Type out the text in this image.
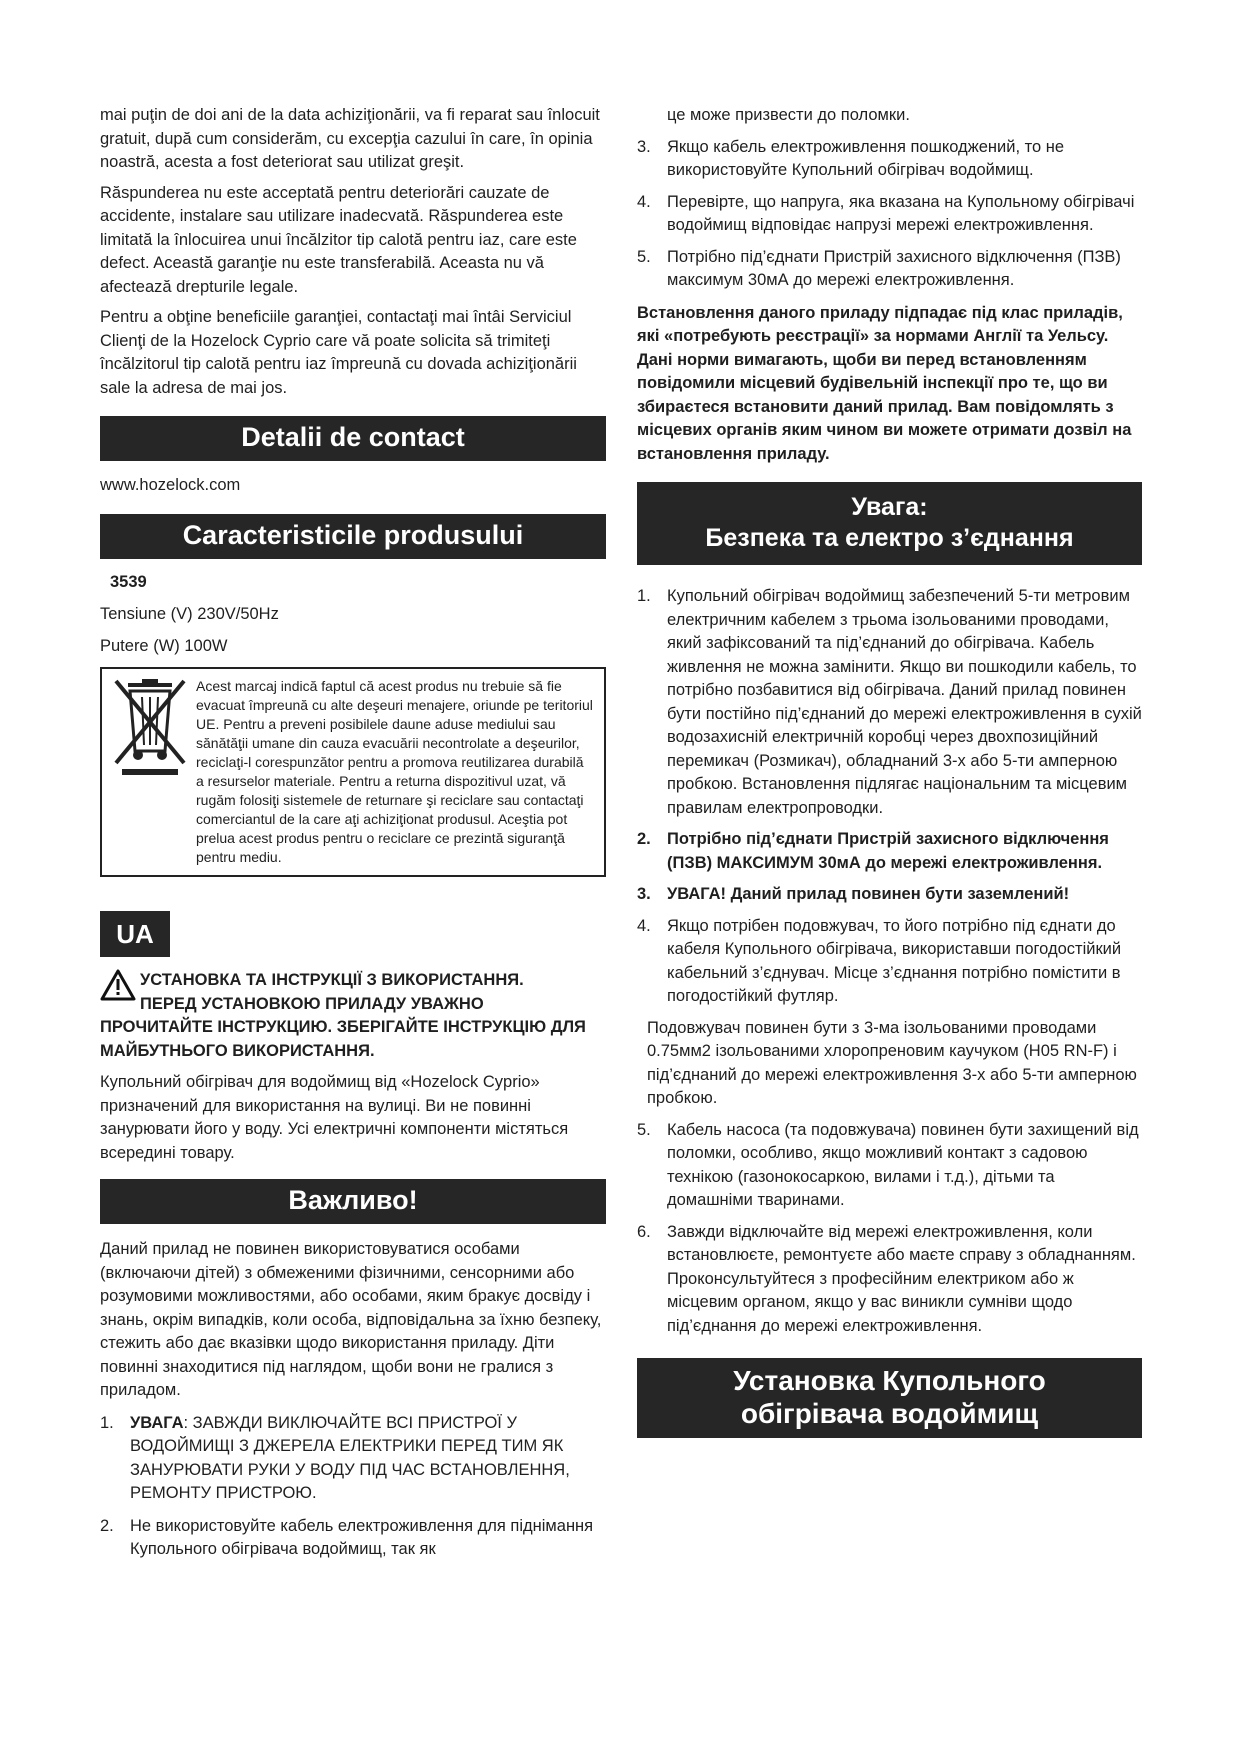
mai puţin de doi ani de la data achiziţionării, va fi reparat sau înlocuit gratuit, după cum considerăm, cu excepţia cazului în care, în opinia noastră, acesta a fost deteriorat sau utilizat greşit.

Răspunderea nu este acceptată pentru deteriorări cauzate de accidente, instalare sau utilizare inadecvată. Răspunderea este limitată la înlocuirea unui încălzitor tip calotă pentru iaz, care este defect. Această garanţie nu este transferabilă. Aceasta nu vă afectează drepturile legale.

Pentru a obţine beneficiile garanţiei, contactaţi mai întâi Serviciul Clienţi de la Hozelock Cyprio care vă poate solicita să trimiteţi încălzitorul tip calotă pentru iaz împreună cu dovada achiziţionării sale la adresa de mai jos.

Detalii de contact

www.hozelock.com

Caracteristicile produsului

3539

Tensiune (V) 230V/50Hz

Putere (W) 100W

Acest marcaj indică faptul că acest produs nu trebuie să fie evacuat împreună cu alte deşeuri menajere, oriunde pe teritoriul UE. Pentru a preveni posibilele daune aduse mediului sau sănătăţii umane din cauza evacuării necontrolate a deşeurilor, reciclaţi-l corespunzător pentru a promova reutilizarea durabilă a resurselor materiale. Pentru a returna dispozitivul uzat, vă rugăm folosiţi sistemele de returnare şi reciclare sau contactaţi comerciantul de la care aţi achiziţionat produsul. Aceştia pot prelua acest produs pentru o reciclare ce prezintă siguranţă pentru mediu.
UA

УСТАНОВКА ТА ІНСТРУКЦІЇ З ВИКОРИСТАННЯ.

ПЕРЕД УСТАНОВКОЮ ПРИЛАДУ УВАЖНО

ПРОЧИТАЙТЕ ІНСТРУКЦИЮ. ЗБЕРІГАЙТЕ ІНСТРУКЦІЮ ДЛЯ МАЙБУТНЬОГО ВИКОРИСТАННЯ.

Купольний обігрівач для водоймищ від «Hozelock Cyprio» призначений для використання на вулиці. Ви не повинні занурювати його у воду. Усі електричні компоненти містяться всередині товару.

Важливо!

Даний прилад не повинен використовуватися особами (включаючи дітей) з обмеженими фізичними, сенсорними або розумовими можливостями, або особами, яким бракує досвіду і знань, окрім випадків, коли особа, відповідальна за їхню безпеку, стежить або дає вказівки щодо використання приладу. Діти повинні знаходитися під наглядом, щоби вони не гралися з приладом.

1. УВАГА: ЗАВЖДИ ВИКЛЮЧАЙТЕ ВСІ ПРИСТРОЇ У ВОДОЙМИЩІ З ДЖЕРЕЛА ЕЛЕКТРИКИ ПЕРЕД ТИМ ЯК ЗАНУРЮВАТИ РУКИ У ВОДУ ПІД ЧАС ВСТАНОВЛЕННЯ, РЕМОНТУ ПРИСТРОЮ.
2. Не використовуйте кабель електроживлення для піднімання Купольного обігрівача водоймищ, так як

це може призвести до поломки.

3. Якщо кабель електроживлення пошкоджений, то не використовуйте Купольний обігрівач водоймищ.
4. Перевірте, що напруга, яка вказана на Купольному обігрівачі водоймищ відповідає напрузі мережі електроживлення.
5. Потрібно під’єднати Пристрій захисного відключення (ПЗВ) максимум 30мА до мережі електроживлення.

Встановлення даного приладу підпадає під клас приладів, які «потребують реєстрації» за нормами Англії та Уельсу. Дані норми вимагають, щоби ви перед встановленням повідомили місцевий будівельній інспекції про те, що ви збираєтеся встановити даний прилад. Вам повідомлять з місцевих органів яким чином ви можете отримати дозвіл на встановлення приладу.

Увага:
Безпека та електро з’єднання
1. Купольний обігрівач водоймищ забезпечений 5-ти метровим електричним кабелем з трьома ізольованими проводами, який зафіксований та під’єднаний до обігрівача. Кабель живлення не можна замінити. Якщо ви пошкодили кабель, то потрібно позбавитися від обігрівача. Даний прилад повинен бути постійно під’єднаний до мережі електроживлення в сухій водозахисній електричній коробці через двохпозиційний перемикач (Розмикач), обладнаний 3-х або 5-ти амперною пробкою. Встановлення підлягає національним та місцевим правилам електропроводки.
2. Потрібно під’єднати Пристрій захисного відключення (ПЗВ) МАКСИМУМ 30мА до мережі електроживлення.
3. УВАГА! Даний прилад повинен бути заземлений!
4. Якщо потрібен подовжувач, то його потрібно під єднати до кабеля Купольного обігрівача, використавши погодостійкий кабельний з’єднувач. Місце з’єднання потрібно помістити в погодостійкий футляр.

Подовжувач повинен бути з 3-ма ізольованими проводами 0.75мм2 ізольованими хлоропреновим каучуком (H05 RN-F) і під’єднаний до мережі електроживлення 3-х або 5-ти амперною пробкою.

5. Кабель насоса (та подовжувача) повинен бути захищений від поломки, особливо, якщо можливий контакт з садовою технікою (газонокосаркою, вилами і т.д.), дітьми та домашніми тваринами.
6. Завжди відключайте від мережі електроживлення, коли встановлюєте, ремонтуєте або маєте справу з обладнанням. Проконсультуйтеся з професійним електриком або ж місцевим органом, якщо у вас виникли сумніви щодо під’єднання до мережі електроживлення.
Установка Купольного
обігрівача водоймищ
